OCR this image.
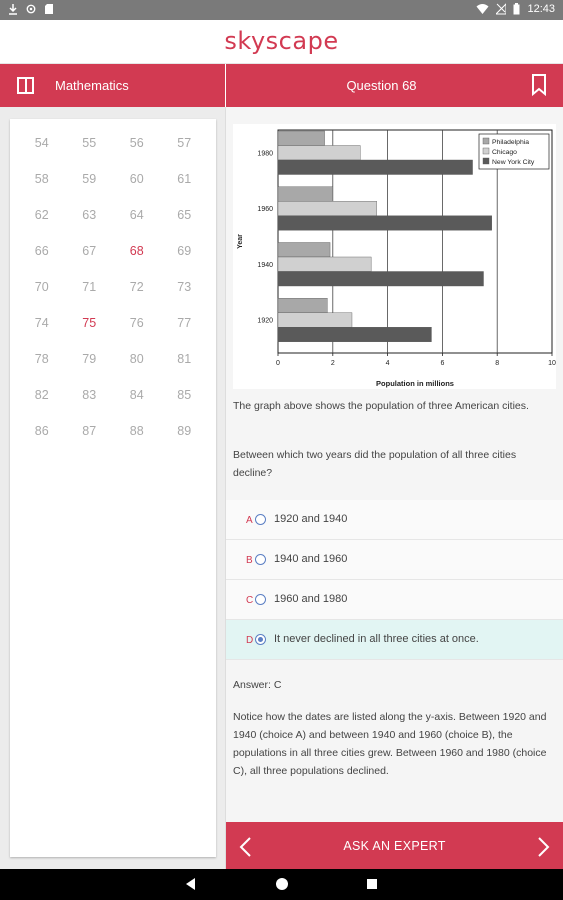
12:43
skyscape
Mathematics	Question 68
54	55	56	57
58	59	60	61
62	63	64	65
66	67	68	69
70	71	72	73
74	75	76	77
78	79	80	81
82	83	84	85
86	87	88	89
0	2	4	6	8	10
1980
1960
1940
1920
Population in millions
Year
Philadelphia
Chicago
New York City
The graph above shows the population of three American cities.
Between which two years did the population of all three cities decline?
A 1920 and 1940
B 1940 and 1960
C 1960 and 1980
D It never declined in all three cities at once.
Answer: C
Notice how the dates are listed along the y-axis. Between 1920 and 1940 (choice A) and between 1940 and 1960 (choice B), the populations in all three cities grew. Between 1960 and 1980 (choice C), all three populations declined.
ASK AN EXPERT
